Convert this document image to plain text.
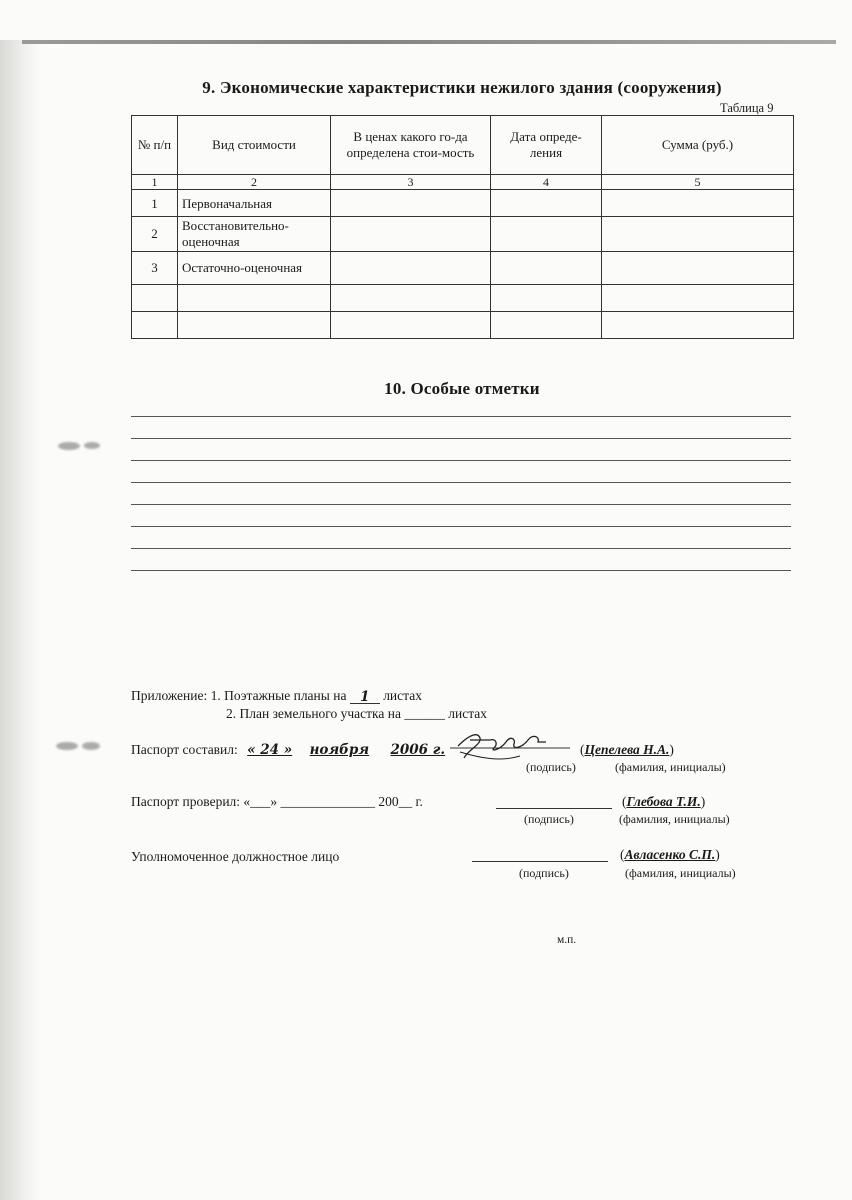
9. Экономические характеристики нежилого здания (сооружения)
Таблица 9
№ п/п	Вид стоимости	В ценах какого го-да определена стои-мость	Дата опреде-ления	Сумма (руб.)
1	2	3	4	5
1	Первоначальная			
2	Восстановительно-оценочная			
3	Остаточно-оценочная			

10. Особые отметки
Приложение: 1. Поэтажные планы на 1 листах
2. План земельного участка на ______ листах
Паспорт составил: « 24 » ноября 2006 г.	(Цепелева Н.А.)
(подпись)	(фамилия, инициалы)
Паспорт проверил: «___» ______________ 200__ г.	(Глебова Т.И.)
(подпись)	(фамилия, инициалы)
Уполномоченное должностное лицо	(Авласенко С.П.)
(подпись)	(фамилия, инициалы)
м.п.
